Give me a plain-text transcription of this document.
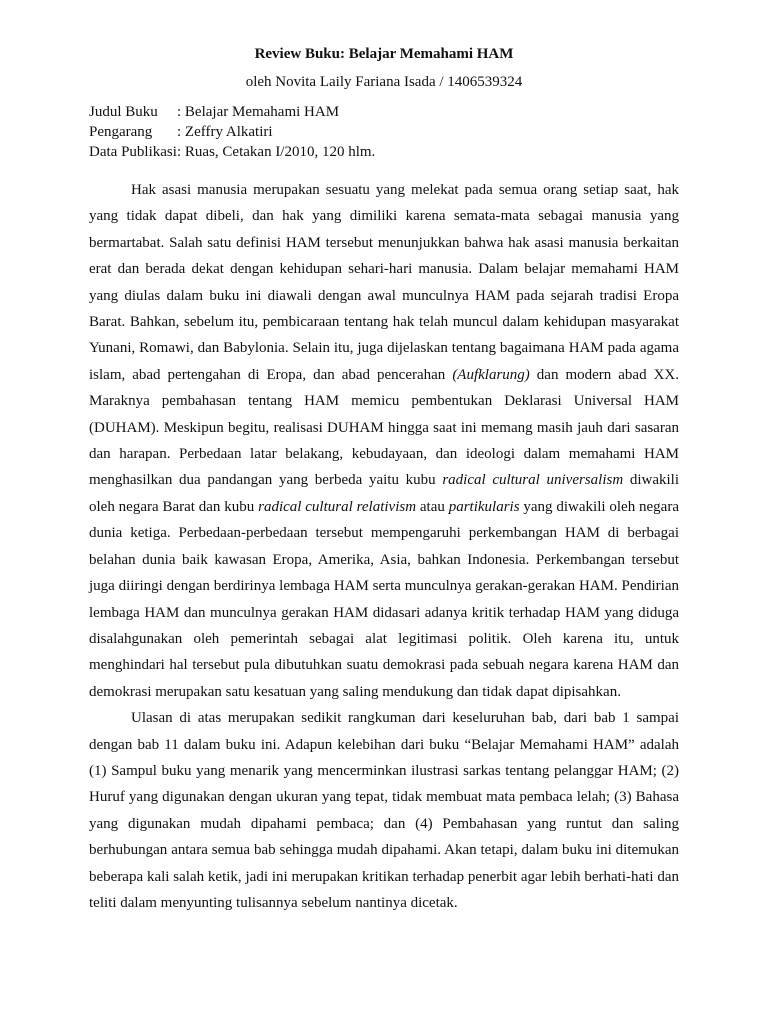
Review Buku: Belajar Memahami HAM
oleh Novita Laily Fariana Isada / 1406539324
Judul Buku	: Belajar Memahami HAM
Pengarang	: Zeffry Alkatiri
Data Publikasi : Ruas, Cetakan I/2010, 120 hlm.

Hak asasi manusia merupakan sesuatu yang melekat pada semua orang setiap saat, hak yang tidak dapat dibeli, dan hak yang dimiliki karena semata-mata sebagai manusia yang bermartabat. Salah satu definisi HAM tersebut menunjukkan bahwa hak asasi manusia berkaitan erat dan berada dekat dengan kehidupan sehari-hari manusia. Dalam belajar memahami HAM yang diulas dalam buku ini diawali dengan awal munculnya HAM pada sejarah tradisi Eropa Barat. Bahkan, sebelum itu, pembicaraan tentang hak telah muncul dalam kehidupan masyarakat Yunani, Romawi, dan Babylonia. Selain itu, juga dijelaskan tentang bagaimana HAM pada agama islam, abad pertengahan di Eropa, dan abad pencerahan (Aufklarung) dan modern abad XX. Maraknya pembahasan tentang HAM memicu pembentukan Deklarasi Universal HAM (DUHAM). Meskipun begitu, realisasi DUHAM hingga saat ini memang masih jauh dari sasaran dan harapan. Perbedaan latar belakang, kebudayaan, dan ideologi dalam memahami HAM menghasilkan dua pandangan yang berbeda yaitu kubu radical cultural universalism diwakili oleh negara Barat dan kubu radical cultural relativism atau partikularis yang diwakili oleh negara dunia ketiga. Perbedaan-perbedaan tersebut mempengaruhi perkembangan HAM di berbagai belahan dunia baik kawasan Eropa, Amerika, Asia, bahkan Indonesia. Perkembangan tersebut juga diiringi dengan berdirinya lembaga HAM serta munculnya gerakan-gerakan HAM. Pendirian lembaga HAM dan munculnya gerakan HAM didasari adanya kritik terhadap HAM yang diduga disalahgunakan oleh pemerintah sebagai alat legitimasi politik. Oleh karena itu, untuk menghindari hal tersebut pula dibutuhkan suatu demokrasi pada sebuah negara karena HAM dan demokrasi merupakan satu kesatuan yang saling mendukung dan tidak dapat dipisahkan.

Ulasan di atas merupakan sedikit rangkuman dari keseluruhan bab, dari bab 1 sampai dengan bab 11 dalam buku ini. Adapun kelebihan dari buku “Belajar Memahami HAM” adalah (1) Sampul buku yang menarik yang mencerminkan ilustrasi sarkas tentang pelanggar HAM; (2) Huruf yang digunakan dengan ukuran yang tepat, tidak membuat mata pembaca lelah; (3) Bahasa yang digunakan mudah dipahami pembaca; dan (4) Pembahasan yang runtut dan saling berhubungan antara semua bab sehingga mudah dipahami. Akan tetapi, dalam buku ini ditemukan beberapa kali salah ketik, jadi ini merupakan kritikan terhadap penerbit agar lebih berhati-hati dan teliti dalam menyunting tulisannya sebelum nantinya dicetak.
